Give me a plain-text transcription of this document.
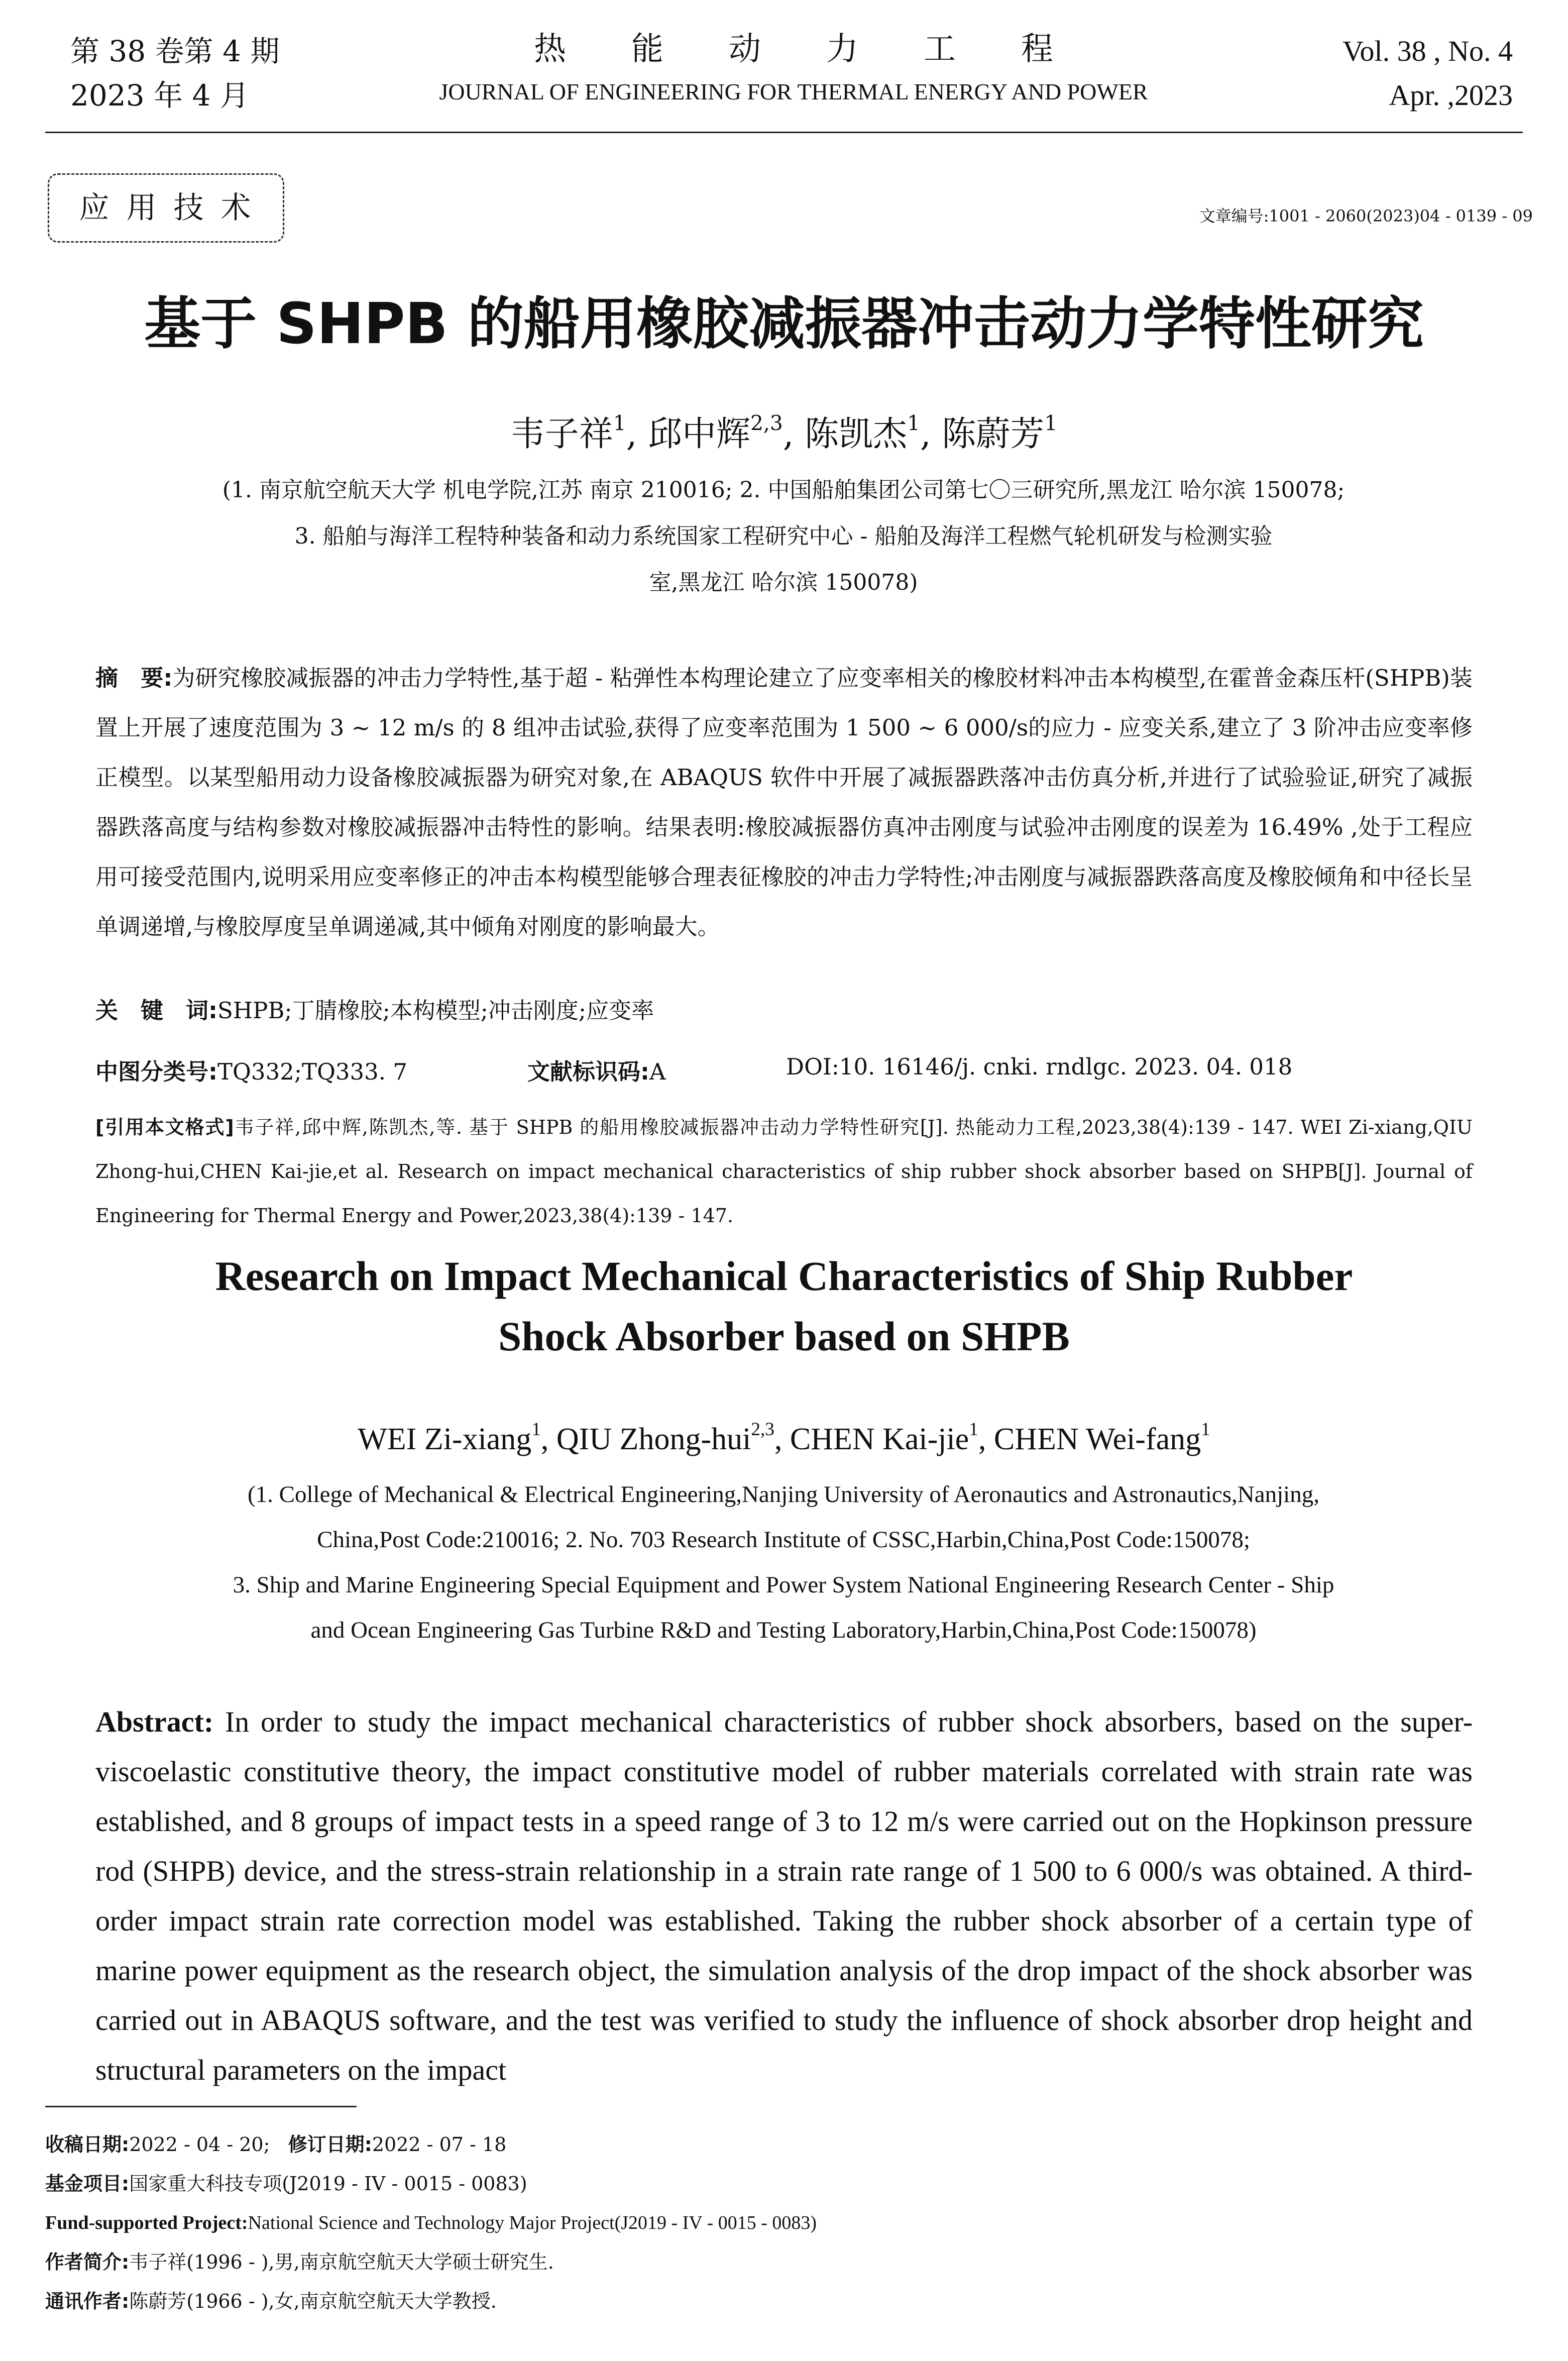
第 38 卷第 4 期
2023 年 4 月
热能动力工程
JOURNAL OF ENGINEERING FOR THERMAL ENERGY AND POWER
Vol. 38 , No. 4
Apr. ,2023
应用技术	文章编号:1001 - 2060(2023)04 - 0139 - 09
基于 SHPB 的船用橡胶减振器冲击动力学特性研究
韦子祥$^1$, 邱中辉$^{2,3}$, 陈凯杰$^1$, 陈蔚芳$^1$
(1. 南京航空航天大学 机电学院,江苏 南京 210016; 2. 中国船舶集团公司第七〇三研究所,黑龙江 哈尔滨 150078;
3. 船舶与海洋工程特种装备和动力系统国家工程研究中心 - 船舶及海洋工程燃气轮机研发与检测实验
室,黑龙江 哈尔滨 150078)
摘　要:为研究橡胶减振器的冲击力学特性,基于超 - 粘弹性本构理论建立了应变率相关的橡胶材料冲击本构模型,在霍普金森压杆(SHPB)装置上开展了速度范围为 3 ~ 12 m/s 的 8 组冲击试验,获得了应变率范围为 1 500 ~ 6 000/s的应力 - 应变关系,建立了 3 阶冲击应变率修正模型。以某型船用动力设备橡胶减振器为研究对象,在 ABAQUS 软件中开展了减振器跌落冲击仿真分析,并进行了试验验证,研究了减振器跌落高度与结构参数对橡胶减振器冲击特性的影响。结果表明:橡胶减振器仿真冲击刚度与试验冲击刚度的误差为 16.49% ,处于工程应用可接受范围内,说明采用应变率修正的冲击本构模型能够合理表征橡胶的冲击力学特性;冲击刚度与减振器跌落高度及橡胶倾角和中径长呈单调递增,与橡胶厚度呈单调递减,其中倾角对刚度的影响最大。
关　键　词:SHPB;丁腈橡胶;本构模型;冲击刚度;应变率
中图分类号:TQ332;TQ333. 7	文献标识码:A	DOI:10. 16146/j. cnki. rndlgc. 2023. 04. 018
[引用本文格式]韦子祥,邱中辉,陈凯杰,等. 基于 SHPB 的船用橡胶减振器冲击动力学特性研究[J]. 热能动力工程,2023,38(4):139 - 147. WEI Zi-xiang,QIU Zhong-hui,CHEN Kai-jie,et al. Research on impact mechanical characteristics of ship rubber shock absorber based on SHPB[J]. Journal of Engineering for Thermal Energy and Power,2023,38(4):139 - 147.
Research on Impact Mechanical Characteristics of Ship Rubber
Shock Absorber based on SHPB
WEI Zi-xiang$^1$, QIU Zhong-hui$^{2,3}$, CHEN Kai-jie$^1$, CHEN Wei-fang$^1$
(1. College of Mechanical & Electrical Engineering,Nanjing University of Aeronautics and Astronautics,Nanjing,
China,Post Code:210016; 2. No. 703 Research Institute of CSSC,Harbin,China,Post Code:150078;
3. Ship and Marine Engineering Special Equipment and Power System National Engineering Research Center - Ship
and Ocean Engineering Gas Turbine R&D and Testing Laboratory,Harbin,China,Post Code:150078)
Abstract: In order to study the impact mechanical characteristics of rubber shock absorbers, based on the super-viscoelastic constitutive theory, the impact constitutive model of rubber materials correlated with strain rate was established, and 8 groups of impact tests in a speed range of 3 to 12 m/s were carried out on the Hopkinson pressure rod (SHPB) device, and the stress-strain relationship in a strain rate range of 1 500 to 6 000/s was obtained. A third-order impact strain rate correction model was established. Taking the rubber shock absorber of a certain type of marine power equipment as the research object, the simulation analysis of the drop impact of the shock absorber was carried out in ABAQUS software, and the test was verified to study the influence of shock absorber drop height and structural parameters on the impact
收稿日期:2022 - 04 - 20; 修订日期:2022 - 07 - 18
基金项目:国家重大科技专项(J2019 - IV - 0015 - 0083)
Fund-supported Project:National Science and Technology Major Project(J2019 - IV - 0015 - 0083)
作者简介:韦子祥(1996 - ),男,南京航空航天大学硕士研究生.
通讯作者:陈蔚芳(1966 - ),女,南京航空航天大学教授.
